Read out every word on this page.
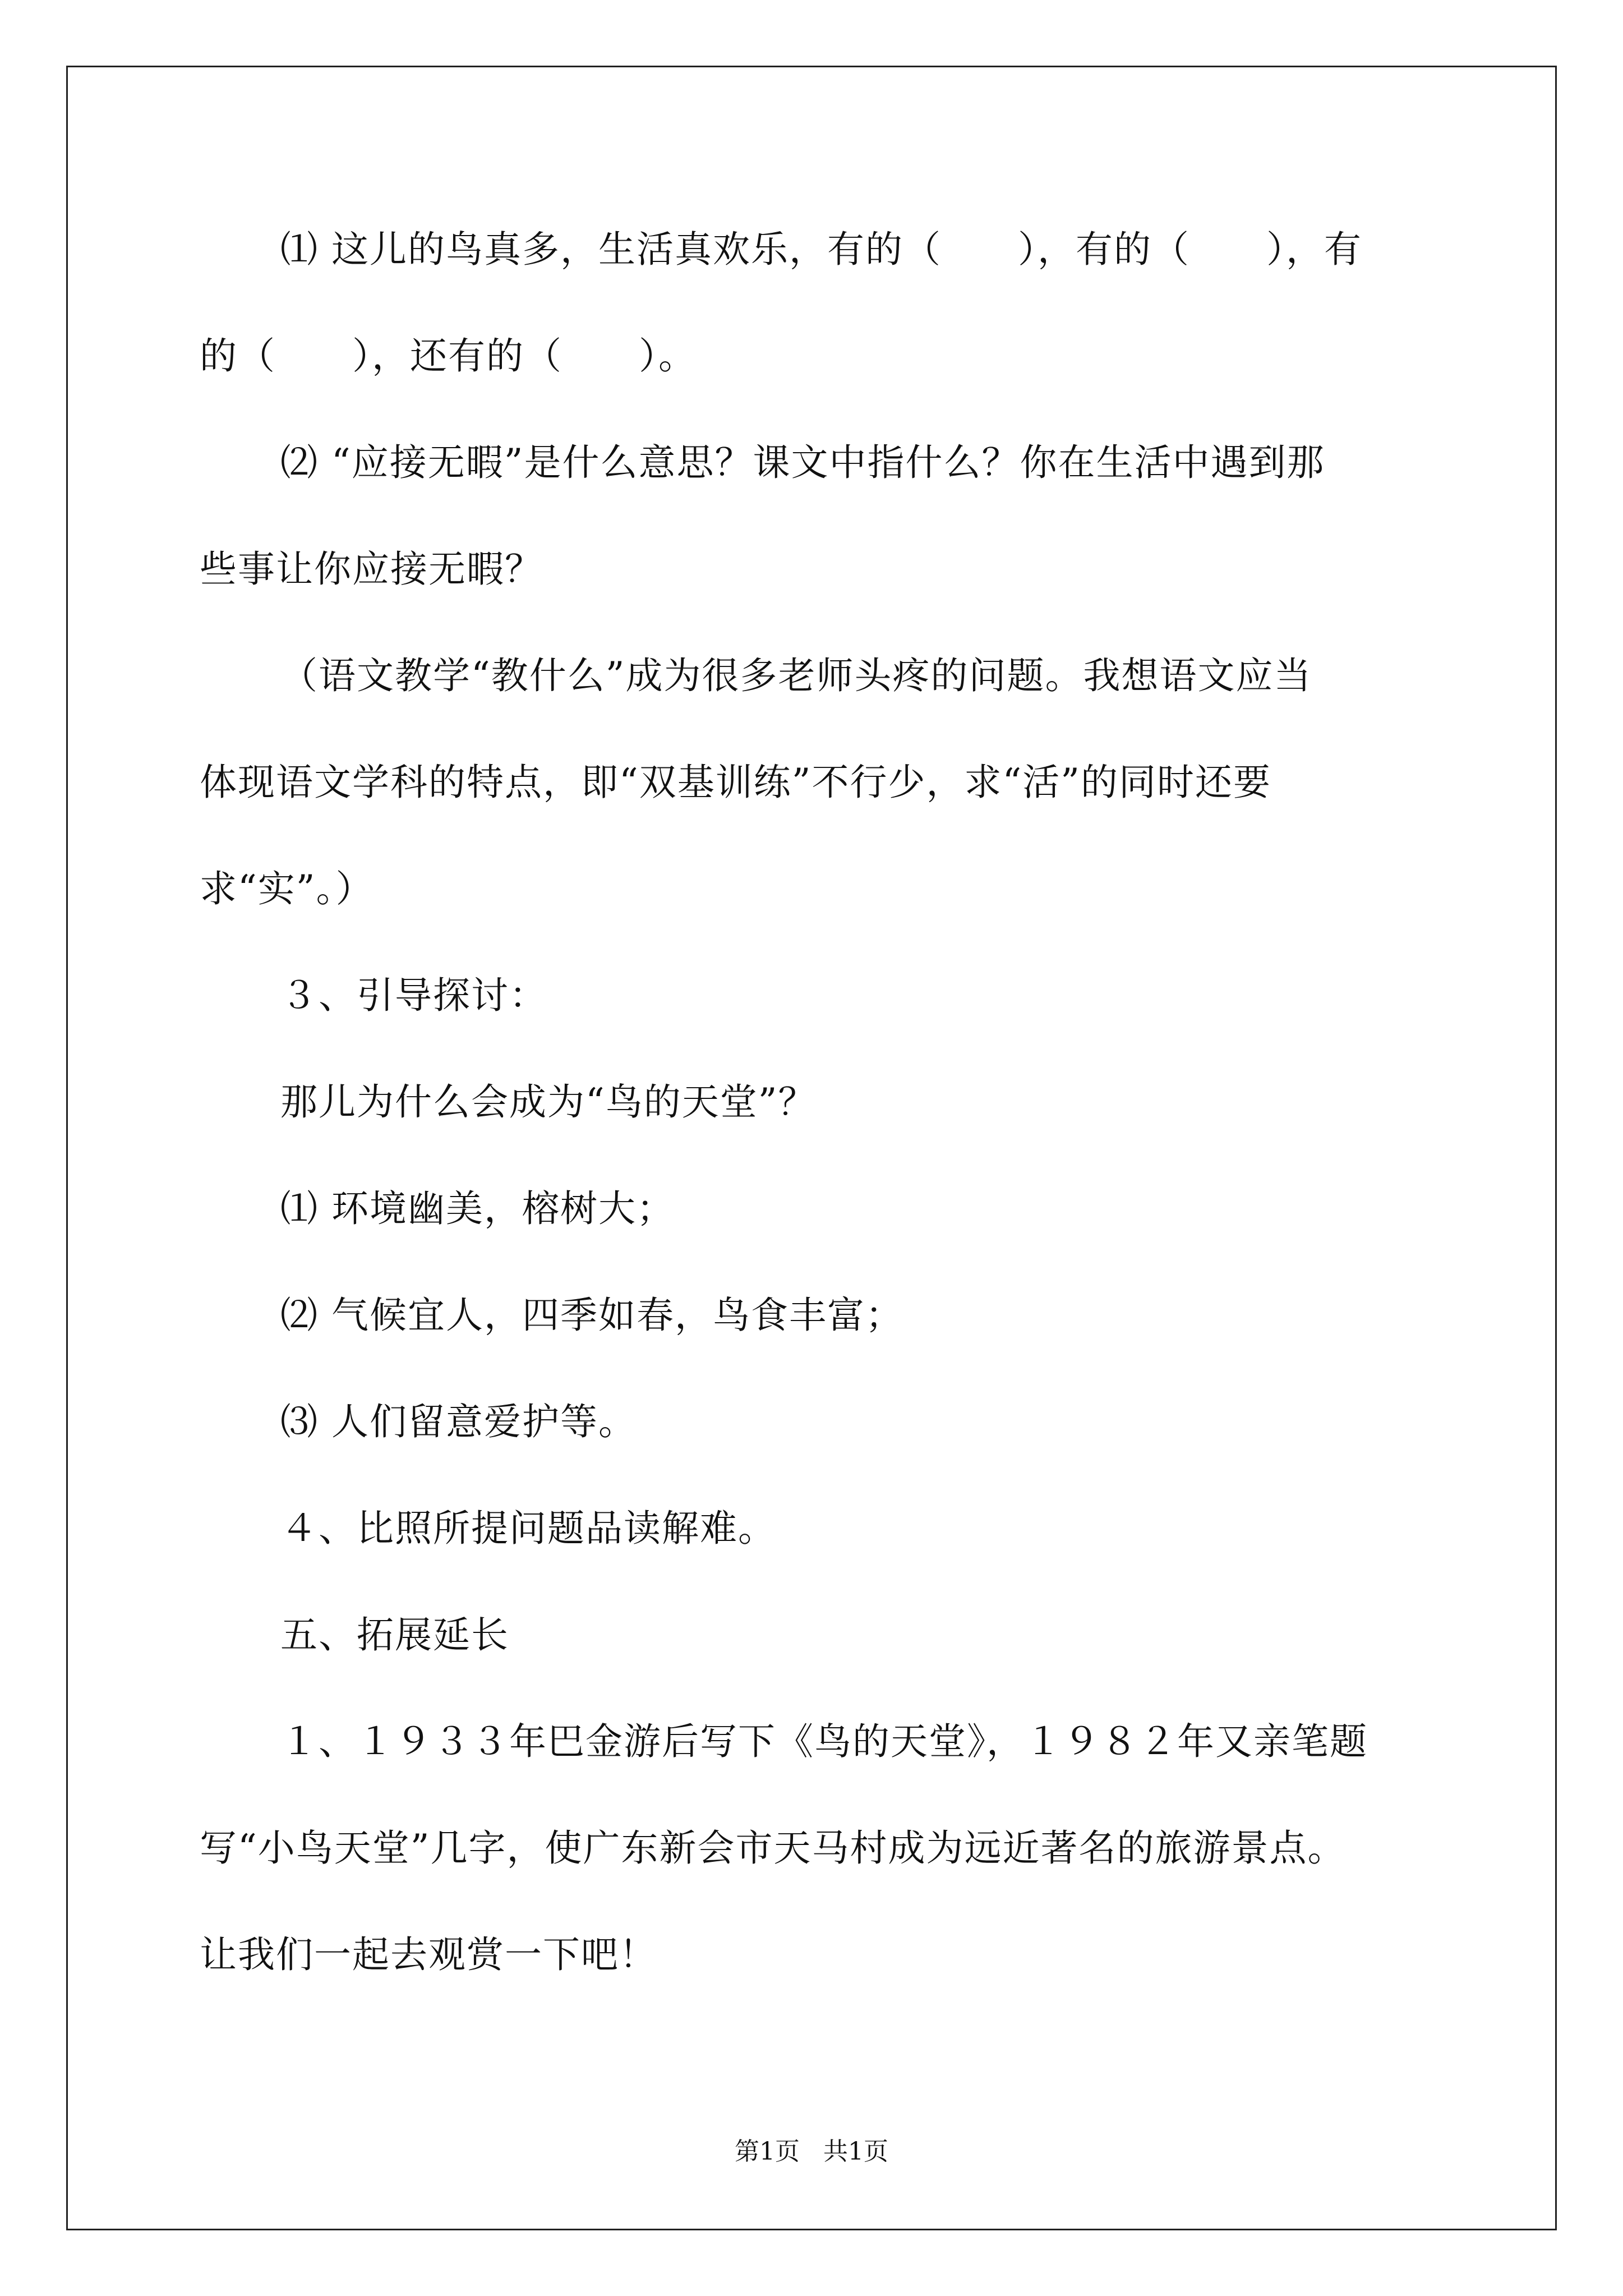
⑴ 这儿的鸟真多，生活真欢乐，有的（　　），有的（　　），有
的（　　），还有的（　　）。
⑵ “应接无暇”是什么意思？课文中指什么？你在生活中遇到那
些事让你应接无暇？
（语文教学“教什么”成为很多老师头疼的问题。我想语文应当
体现语文学科的特点，即“双基训练”不行少，求“活”的同时还要
求“实”。）
３、引导探讨：
那儿为什么会成为“鸟的天堂”？
⑴ 环境幽美，榕树大；
⑵ 气候宜人，四季如春，鸟食丰富；
⑶ 人们留意爱护等。
４、比照所提问题品读解难。
五、拓展延长
１、１９３３年巴金游后写下《鸟的天堂》，１９８２年又亲笔题
写“小鸟天堂”几字，使广东新会市天马村成为远近著名的旅游景点。
让我们一起去观赏一下吧！
第1页 共1页
